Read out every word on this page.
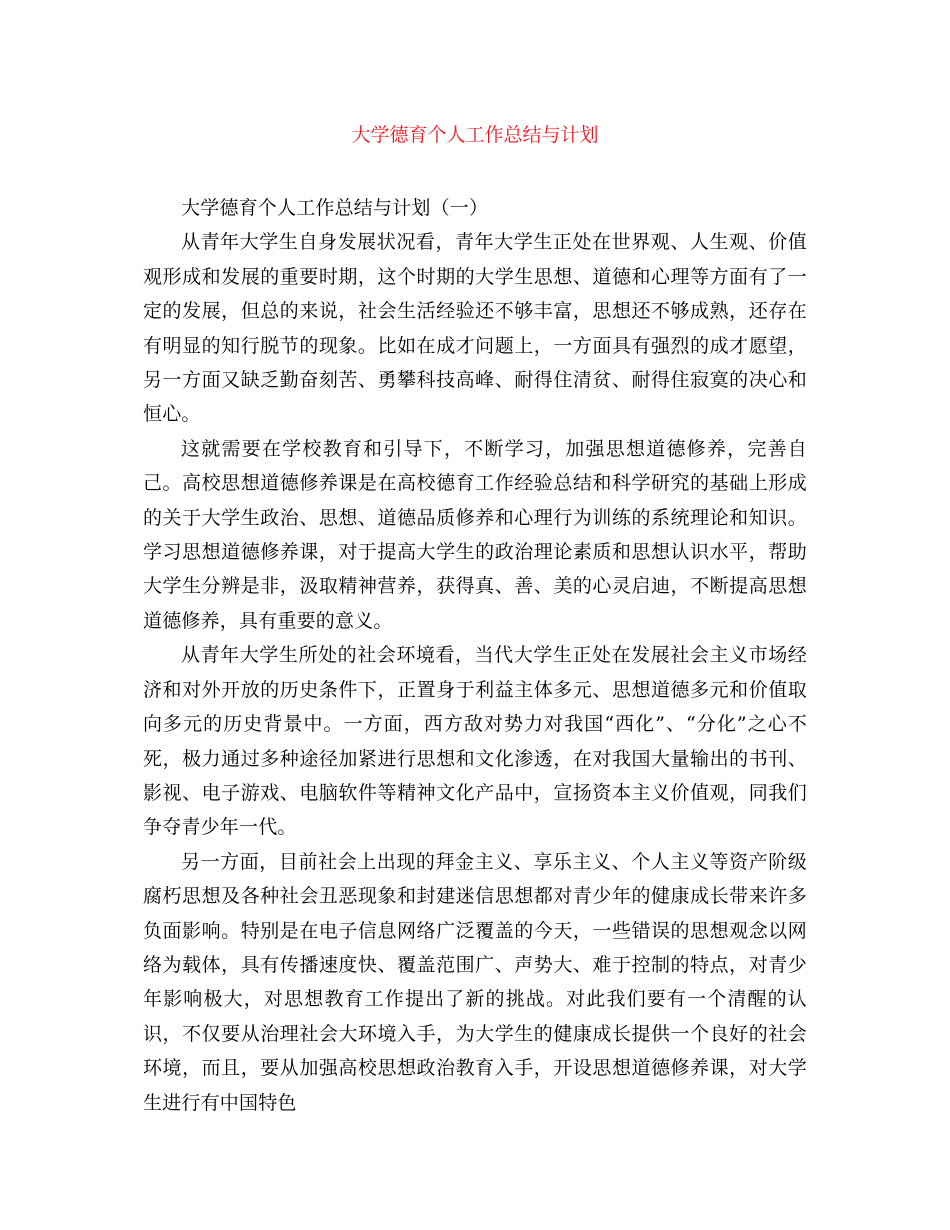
大学德育个人工作总结与计划

大学德育个人工作总结与计划（一）

从青年大学生自身发展状况看，青年大学生正处在世界观、人生观、价值观形成和发展的重要时期，这个时期的大学生思想、道德和心理等方面有了一定的发展，但总的来说，社会生活经验还不够丰富，思想还不够成熟，还存在有明显的知行脱节的现象。比如在成才问题上，一方面具有强烈的成才愿望，另一方面又缺乏勤奋刻苦、勇攀科技高峰、耐得住清贫、耐得住寂寞的决心和恒心。

这就需要在学校教育和引导下，不断学习，加强思想道德修养，完善自己。高校思想道德修养课是在高校德育工作经验总结和科学研究的基础上形成的关于大学生政治、思想、道德品质修养和心理行为训练的系统理论和知识。学习思想道德修养课，对于提高大学生的政治理论素质和思想认识水平，帮助大学生分辨是非，汲取精神营养，获得真、善、美的心灵启迪，不断提高思想道德修养，具有重要的意义。

从青年大学生所处的社会环境看，当代大学生正处在发展社会主义市场经济和对外开放的历史条件下，正置身于利益主体多元、思想道德多元和价值取向多元的历史背景中。一方面，西方敌对势力对我国“西化”、“分化”之心不死，极力通过多种途径加紧进行思想和文化渗透，在对我国大量输出的书刊、影视、电子游戏、电脑软件等精神文化产品中，宣扬资本主义价值观，同我们争夺青少年一代。

另一方面，目前社会上出现的拜金主义、享乐主义、个人主义等资产阶级腐朽思想及各种社会丑恶现象和封建迷信思想都对青少年的健康成长带来许多负面影响。特别是在电子信息网络广泛覆盖的今天，一些错误的思想观念以网络为载体，具有传播速度快、覆盖范围广、声势大、难于控制的特点，对青少年影响极大，对思想教育工作提出了新的挑战。对此我们要有一个清醒的认识，不仅要从治理社会大环境入手，为大学生的健康成长提供一个良好的社会环境，而且，要从加强高校思想政治教育入手，开设思想道德修养课，对大学生进行有中国特色
